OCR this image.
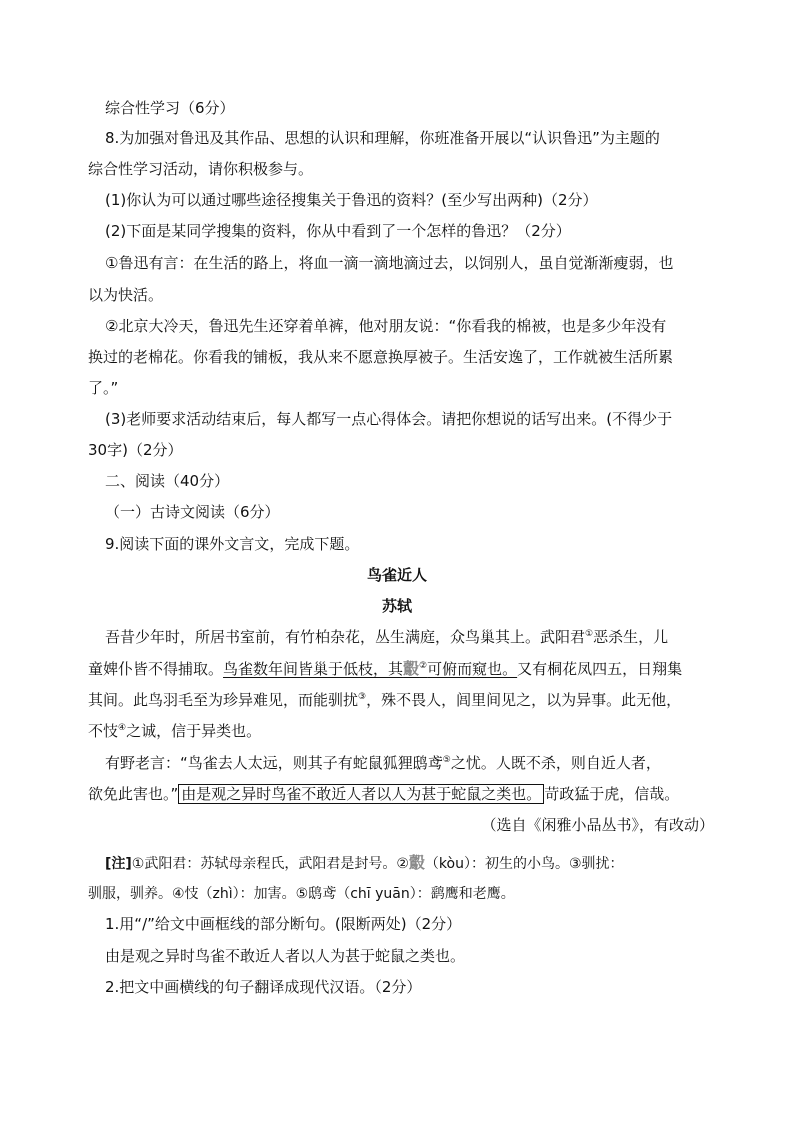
综合性学习（6分）
8.为加强对鲁迅及其作品、思想的认识和理解，你班准备开展以“认识鲁迅”为主题的
综合性学习活动，请你积极参与。
(1)你认为可以通过哪些途径搜集关于鲁迅的资料？(至少写出两种)（2分）
(2)下面是某同学搜集的资料，你从中看到了一个怎样的鲁迅？（2分）
①鲁迅有言：在生活的路上，将血一滴一滴地滴过去，以饲别人，虽自觉渐渐瘦弱，也
以为快活。
②北京大冷天，鲁迅先生还穿着单裤，他对朋友说：“你看我的棉被，也是多少年没有
换过的老棉花。你看我的铺板，我从来不愿意换厚被子。生活安逸了，工作就被生活所累
了。”
(3)老师要求活动结束后，每人都写一点心得体会。请把你想说的话写出来。(不得少于
30字)（2分）
二、阅读（40分）
（一）古诗文阅读（6分）
9.阅读下面的课外文言文，完成下题。
鸟雀近人
苏轼
吾昔少年时，所居书室前，有竹柏杂花，丛生满庭，众鸟巢其上。武阳君①恶杀生，儿
童婢仆皆不得捕取。鸟雀数年间皆巢于低枝，其鷇②可俯而窥也。又有桐花凤四五，日翔集
其间。此鸟羽毛至为珍异难见，而能驯扰③，殊不畏人，闾里间见之，以为异事。此无他，
不忮④之诚，信于异类也。
有野老言：“鸟雀去人太远，则其子有蛇鼠狐狸鸱鸢⑤之忧。人既不杀，则自近人者，
欲免此害也。” 由是观之异时鸟雀不敢近人者以人为甚于蛇鼠之类也。 苛政猛于虎，信哉。
（选自《闲雅小品丛书》，有改动）
[注]①武阳君：苏轼母亲程氏，武阳君是封号。②鷇（kòu）：初生的小鸟。③驯扰：
驯服，驯养。④忮（zhì）：加害。⑤鸱鸢（chī yuān）：鹞鹰和老鹰。
1.用“/”给文中画框线的部分断句。(限断两处)（2分）
由是观之异时鸟雀不敢近人者以人为甚于蛇鼠之类也。
2.把文中画横线的句子翻译成现代汉语。（2分）
